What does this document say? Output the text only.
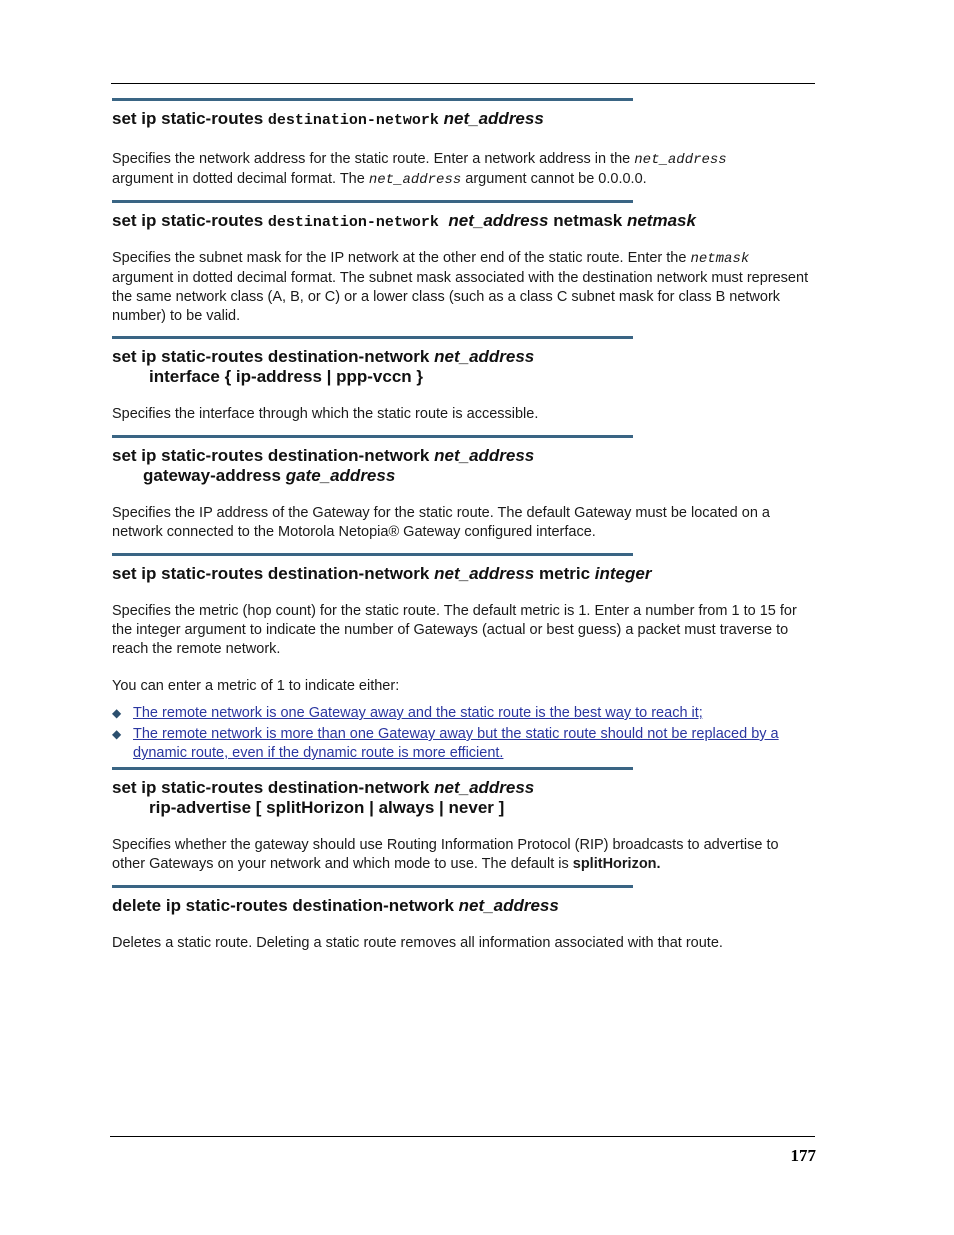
set ip static-routes destination-network net_address

Specifies the network address for the static route. Enter a network address in the net_address
argument in dotted decimal format. The net_address argument cannot be 0.0.0.0.

set ip static-routes destination-network net_address netmask netmask

Specifies the subnet mask for the IP network at the other end of the static route. Enter the netmask argument in dotted decimal format. The subnet mask associated with the destination network must represent the same network class (A, B, or C) or a lower class (such as a class C subnet mask for class B network number) to be valid.

set ip static-routes destination-network net_address
interface { ip-address | ppp-vccn }

Specifies the interface through which the static route is accessible.

set ip static-routes destination-network net_address
gateway-address gate_address

Specifies the IP address of the Gateway for the static route. The default Gateway must be located on a network connected to the Motorola Netopia® Gateway configured interface.

set ip static-routes destination-network net_address metric integer

Specifies the metric (hop count) for the static route. The default metric is 1. Enter a number from 1 to 15 for the integer argument to indicate the number of Gateways (actual or best guess) a packet must traverse to reach the remote network.

You can enter a metric of 1 to indicate either:

◆ The remote network is one Gateway away and the static route is the best way to reach it;
◆ The remote network is more than one Gateway away but the static route should not be replaced by a dynamic route, even if the dynamic route is more efficient.
set ip static-routes destination-network net_address
rip-advertise [ splitHorizon | always | never ]

Specifies whether the gateway should use Routing Information Protocol (RIP) broadcasts to advertise to other Gateways on your network and which mode to use. The default is splitHorizon.

delete ip static-routes destination-network net_address

Deletes a static route. Deleting a static route removes all information associated with that route.

177
